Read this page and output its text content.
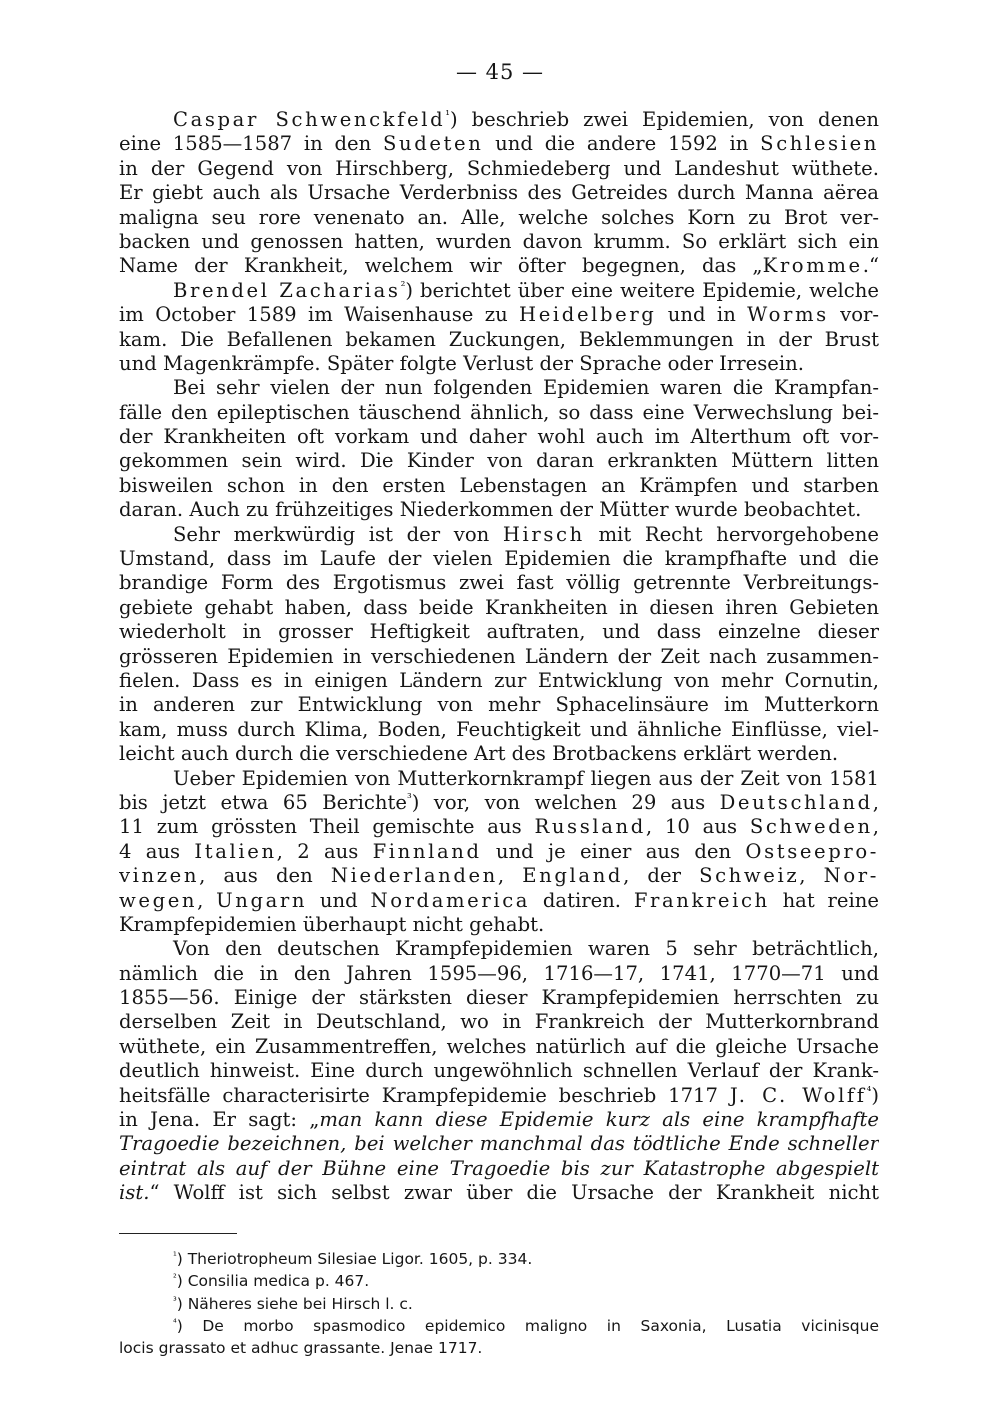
— 45 —
Caspar Schwenckfeld$^{^1}$) beschrieb zwei Epidemien, von denen
eine 1585—1587 in den Sudeten und die andere 1592 in Schlesien
in der Gegend von Hirschberg, Schmiedeberg und Landeshut wüthete.
Er giebt auch als Ursache Verderbniss des Getreides durch Manna aërea
maligna seu rore venenato an. Alle, welche solches Korn zu Brot ver-
backen und genossen hatten, wurden davon krumm. So erklärt sich ein
Name der Krankheit, welchem wir öfter begegnen, das „Kromme.“
Brendel Zacharias$^{^2}$) berichtet über eine weitere Epidemie, welche
im October 1589 im Waisenhause zu Heidelberg und in Worms vor-
kam. Die Befallenen bekamen Zuckungen, Beklemmungen in der Brust
und Magenkrämpfe. Später folgte Verlust der Sprache oder Irresein.
Bei sehr vielen der nun folgenden Epidemien waren die Krampfan-
fälle den epileptischen täuschend ähnlich, so dass eine Verwechslung bei-
der Krankheiten oft vorkam und daher wohl auch im Alterthum oft vor-
gekommen sein wird. Die Kinder von daran erkrankten Müttern litten
bisweilen schon in den ersten Lebenstagen an Krämpfen und starben
daran. Auch zu frühzeitiges Niederkommen der Mütter wurde beobachtet.
Sehr merkwürdig ist der von Hirsch mit Recht hervorgehobene
Umstand, dass im Laufe der vielen Epidemien die krampfhafte und die
brandige Form des Ergotismus zwei fast völlig getrennte Verbreitungs-
gebiete gehabt haben, dass beide Krankheiten in diesen ihren Gebieten
wiederholt in grosser Heftigkeit auftraten, und dass einzelne dieser
grösseren Epidemien in verschiedenen Ländern der Zeit nach zusammen-
fielen. Dass es in einigen Ländern zur Entwicklung von mehr Cornutin,
in anderen zur Entwicklung von mehr Sphacelinsäure im Mutterkorn
kam, muss durch Klima, Boden, Feuchtigkeit und ähnliche Einflüsse, viel-
leicht auch durch die verschiedene Art des Brotbackens erklärt werden.
Ueber Epidemien von Mutterkornkrampf liegen aus der Zeit von 1581
bis jetzt etwa 65 Berichte$^{^3}$) vor, von welchen 29 aus Deutschland,
11 zum grössten Theil gemischte aus Russland, 10 aus Schweden,
4 aus Italien, 2 aus Finnland und je einer aus den Ostseepro-
vinzen, aus den Niederlanden, England, der Schweiz, Nor-
wegen, Ungarn und Nordamerica datiren. Frankreich hat reine
Krampfepidemien überhaupt nicht gehabt.
Von den deutschen Krampfepidemien waren 5 sehr beträchtlich,
nämlich die in den Jahren 1595—96, 1716—17, 1741, 1770—71 und
1855—56. Einige der stärksten dieser Krampfepidemien herrschten zu
derselben Zeit in Deutschland, wo in Frankreich der Mutterkornbrand
wüthete, ein Zusammentreffen, welches natürlich auf die gleiche Ursache
deutlich hinweist. Eine durch ungewöhnlich schnellen Verlauf der Krank-
heitsfälle characterisirte Krampfepidemie beschrieb 1717 J. C. Wolff$^{^4}$)
in Jena. Er sagt: „man kann diese Epidemie kurz als eine krampfhafte
Tragoedie bezeichnen, bei welcher manchmal das tödtliche Ende schneller
eintrat als auf der Bühne eine Tragoedie bis zur Katastrophe abgespielt
ist.“ Wolff ist sich selbst zwar über die Ursache der Krankheit nicht
$^{^1}$) Theriotropheum Silesiae Ligor. 1605, p. 334.
$^{^2}$) Consilia medica p. 467.
$^{^3}$) Näheres siehe bei Hirsch l. c.
$^{^4}$) De morbo spasmodico epidemico maligno in Saxonia, Lusatia vicinisque
locis grassato et adhuc grassante. Jenae 1717.
